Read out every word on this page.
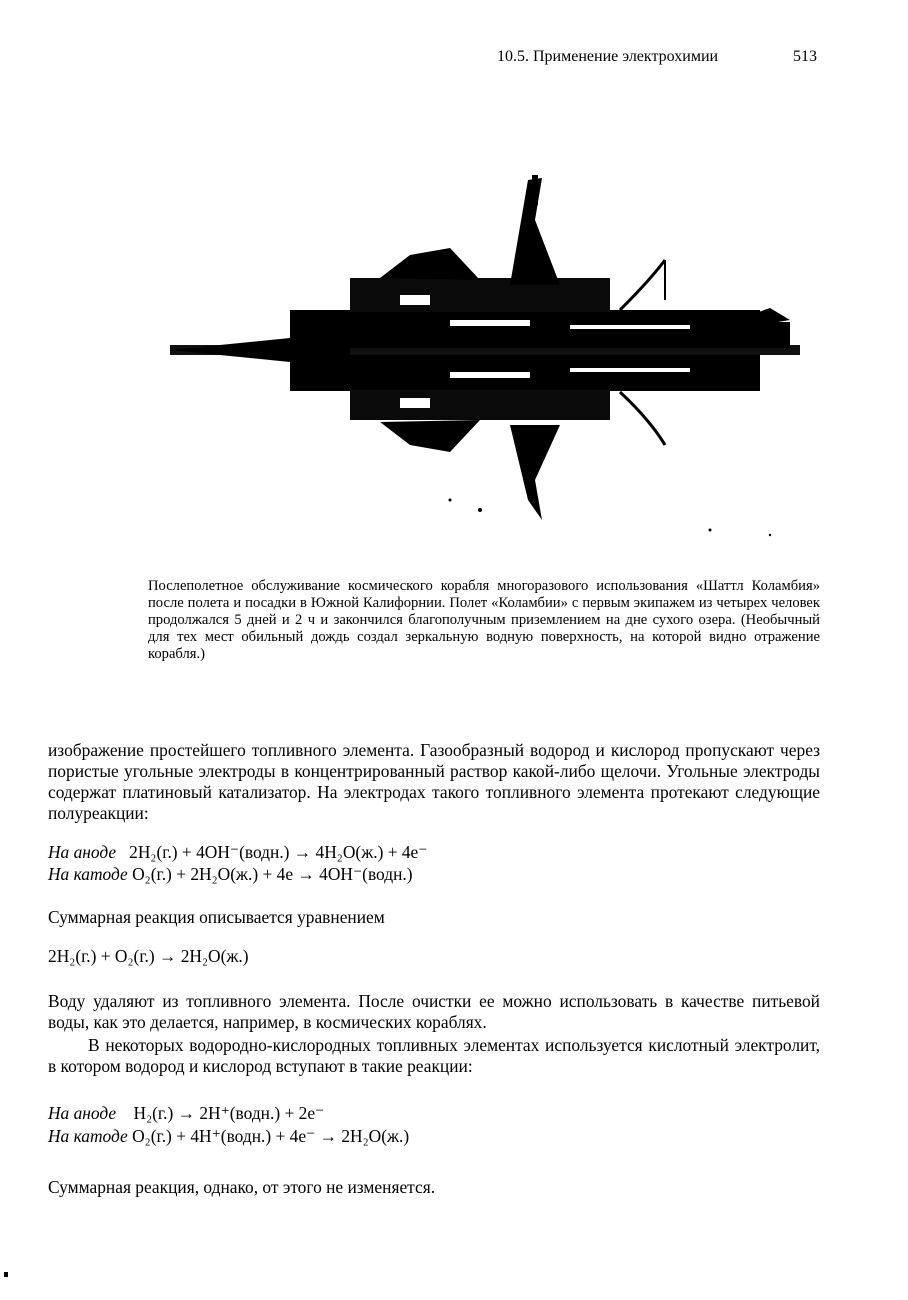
10.5. Применение электрохимии	513
Послеполетное обслуживание космического корабля многоразового использования «Шаттл Коламбия» после полета и посадки в Южной Калифорнии. Полет «Коламбии» с первым экипажем из четырех человек продолжался 5 дней и 2 ч и закончился благополучным приземлением на дне сухого озера. (Необычный для тех мест обильный дождь создал зеркальную водную поверхность, на которой видно отражение корабля.)
изображение простейшего топливного элемента. Газообразный водород и кислород пропускают через пористые угольные электроды в концентрированный раствор какой-либо щелочи. Угольные электроды содержат платиновый катализатор. На электродах такого топливного элемента протекают следующие полуреакции:
На аноде 2H₂(г.) + 4OH⁻(водн.) → 4H₂O(ж.) + 4e⁻
На катоде O₂(г.) + 2H₂O(ж.) + 4e → 4OH⁻(водн.)
Суммарная реакция описывается уравнением
2H₂(г.) + O₂(г.) → 2H₂O(ж.)
Воду удаляют из топливного элемента. После очистки ее можно использовать в качестве питьевой воды, как это делается, например, в космических кораблях.
В некоторых водородно-кислородных топливных элементах используется кислотный электролит, в котором водород и кислород вступают в такие реакции:
На аноде H₂(г.) → 2H⁺(водн.) + 2e⁻
На катоде O₂(г.) + 4H⁺(водн.) + 4e⁻ → 2H₂O(ж.)
Суммарная реакция, однако, от этого не изменяется.
